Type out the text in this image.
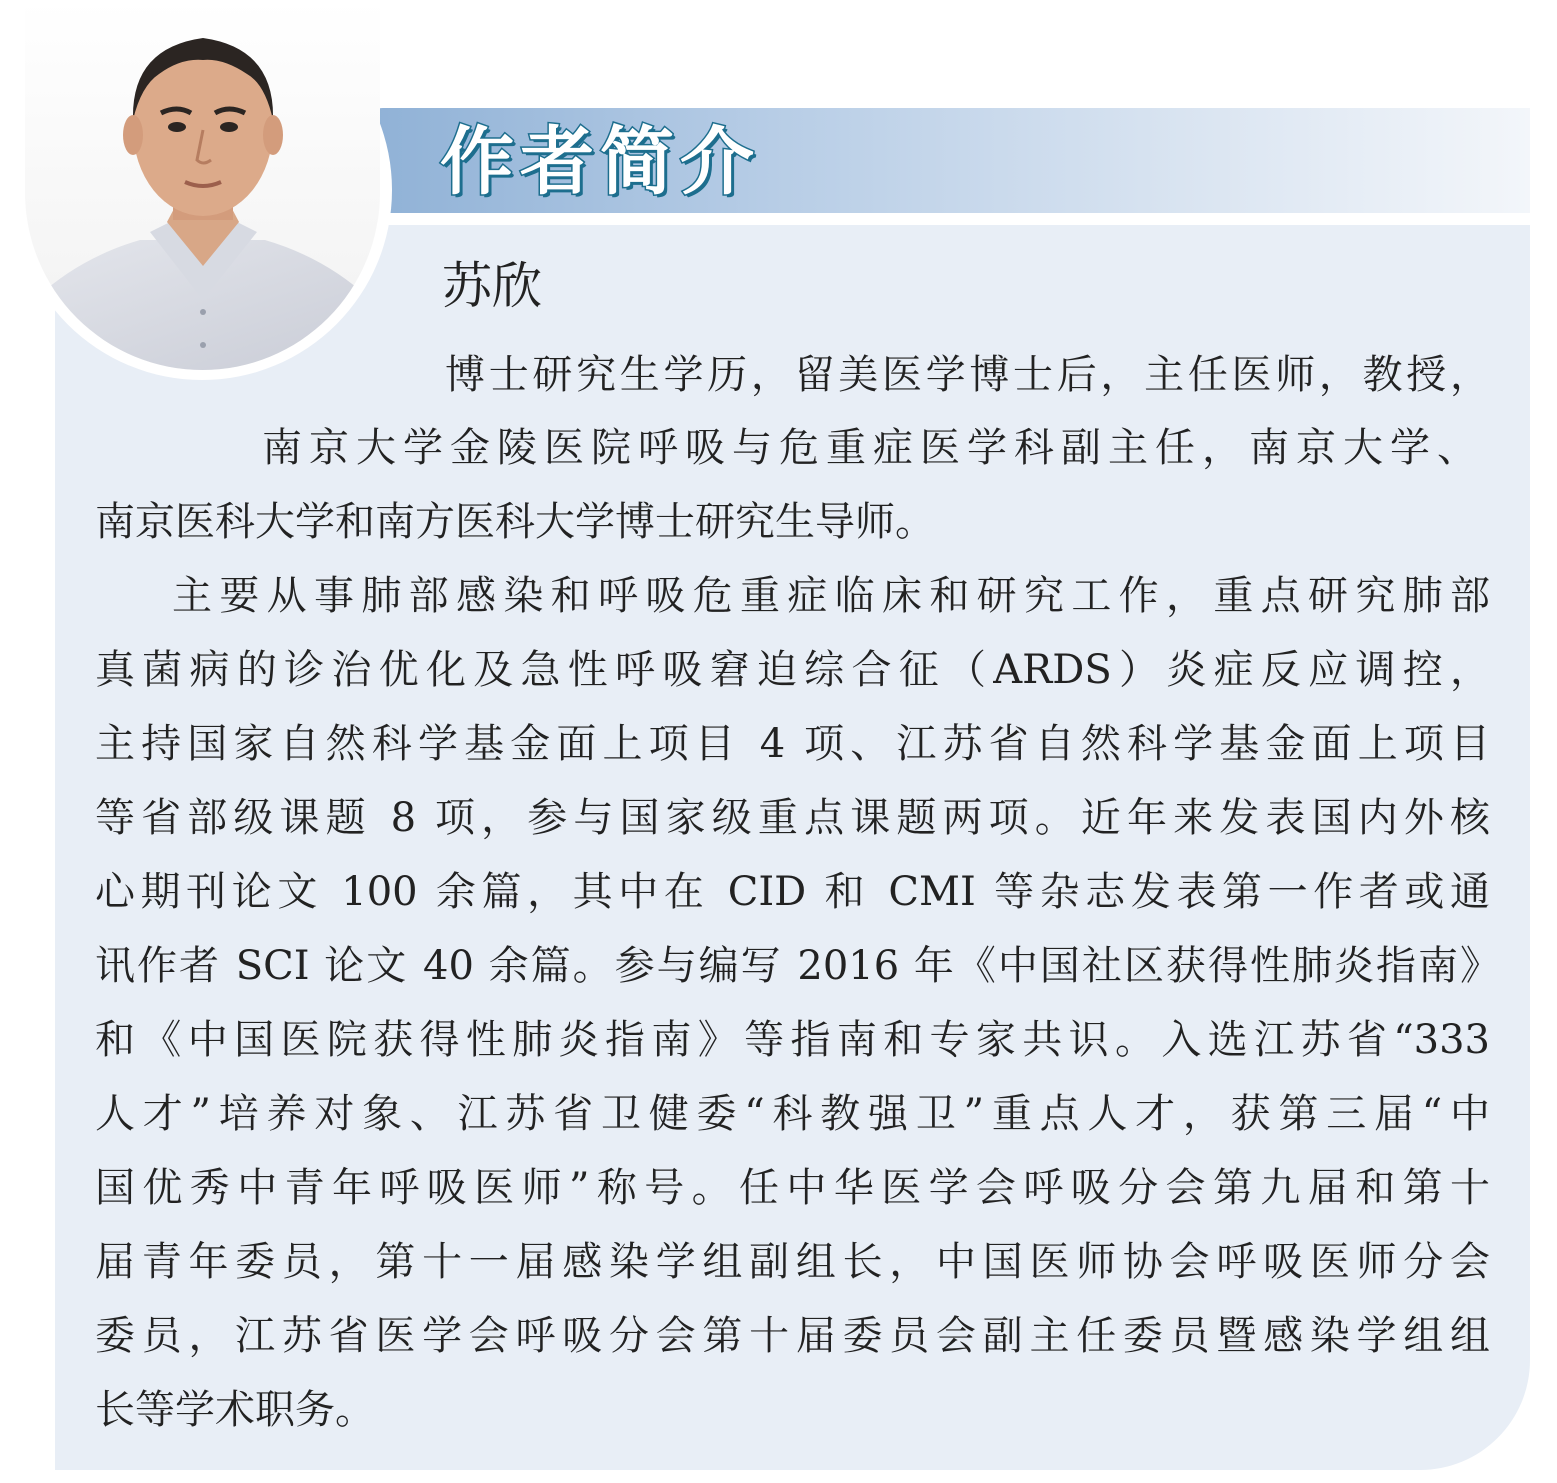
作者简介
苏欣
博士研究生学历，留美医学博士后，主任医师，教授，
南京大学金陵医院呼吸与危重症医学科副主任，南京大学、
南京医科大学和南方医科大学博士研究生导师。
主要从事肺部感染和呼吸危重症临床和研究工作，重点研究肺部
真菌病的诊治优化及急性呼吸窘迫综合征（ARDS）炎症反应调控，
主持国家自然科学基金面上项目 4 项、江苏省自然科学基金面上项目
等省部级课题 8 项，参与国家级重点课题两项。近年来发表国内外核
心期刊论文 100 余篇，其中在 CID 和 CMI 等杂志发表第一作者或通
讯作者 SCI 论文 40 余篇。参与编写 2016 年《中国社区获得性肺炎指南》
和《中国医院获得性肺炎指南》等指南和专家共识。入选江苏省“333
人才”培养对象、江苏省卫健委“科教强卫”重点人才，获第三届“中
国优秀中青年呼吸医师”称号。任中华医学会呼吸分会第九届和第十
届青年委员，第十一届感染学组副组长，中国医师协会呼吸医师分会
委员，江苏省医学会呼吸分会第十届委员会副主任委员暨感染学组组
长等学术职务。
